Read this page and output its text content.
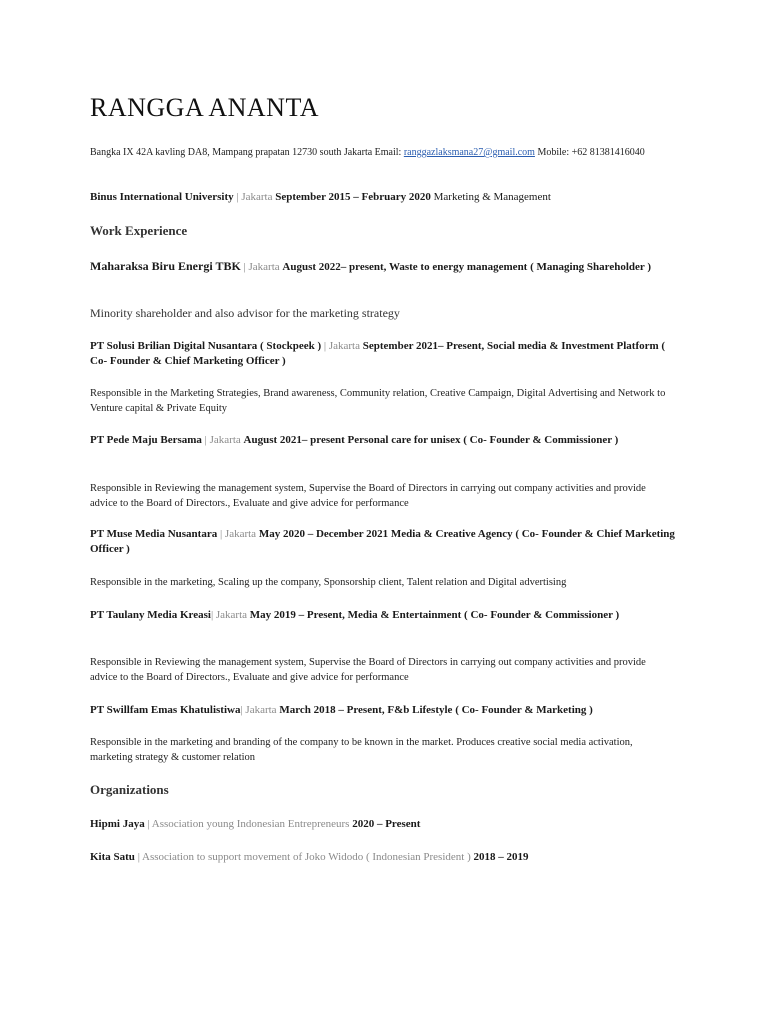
RANGGA ANANTA
Bangka IX 42A kavling DA8, Mampang prapatan 12730 south Jakarta Email: ranggazlaksmana27@gmail.com Mobile: +62 81381416040
Binus International University | Jakarta September 2015 – February 2020 Marketing & Management
Work Experience
Maharaksa Biru Energi TBK | Jakarta August 2022– present, Waste to energy management ( Managing Shareholder )
Minority shareholder and also advisor for the marketing strategy
PT Solusi Brilian Digital Nusantara ( Stockpeek ) | Jakarta September 2021– Present, Social media & Investment Platform ( Co- Founder & Chief Marketing Officer )
Responsible in the Marketing Strategies, Brand awareness, Community relation, Creative Campaign, Digital Advertising and Network to Venture capital & Private Equity
PT Pede Maju Bersama | Jakarta August 2021– present Personal care for unisex ( Co- Founder & Commissioner )
Responsible in Reviewing the management system, Supervise the Board of Directors in carrying out company activities and provide advice to the Board of Directors., Evaluate and give advice for performance
PT Muse Media Nusantara | Jakarta May 2020 – December 2021 Media & Creative Agency ( Co- Founder & Chief Marketing Officer )
Responsible in the marketing, Scaling up the company, Sponsorship client, Talent relation and Digital advertising
PT Taulany Media Kreasi| Jakarta May 2019 – Present, Media & Entertainment ( Co- Founder & Commissioner )
Responsible in Reviewing the management system, Supervise the Board of Directors in carrying out company activities and provide advice to the Board of Directors., Evaluate and give advice for performance
PT Swillfam Emas Khatulistiwa| Jakarta March 2018 – Present, F&b Lifestyle ( Co- Founder & Marketing )
Responsible in the marketing and branding of the company to be known in the market. Produces creative social media activation, marketing strategy & customer relation
Organizations
Hipmi Jaya | Association young Indonesian Entrepreneurs 2020 – Present
Kita Satu | Association to support movement of Joko Widodo ( Indonesian President ) 2018 – 2019
